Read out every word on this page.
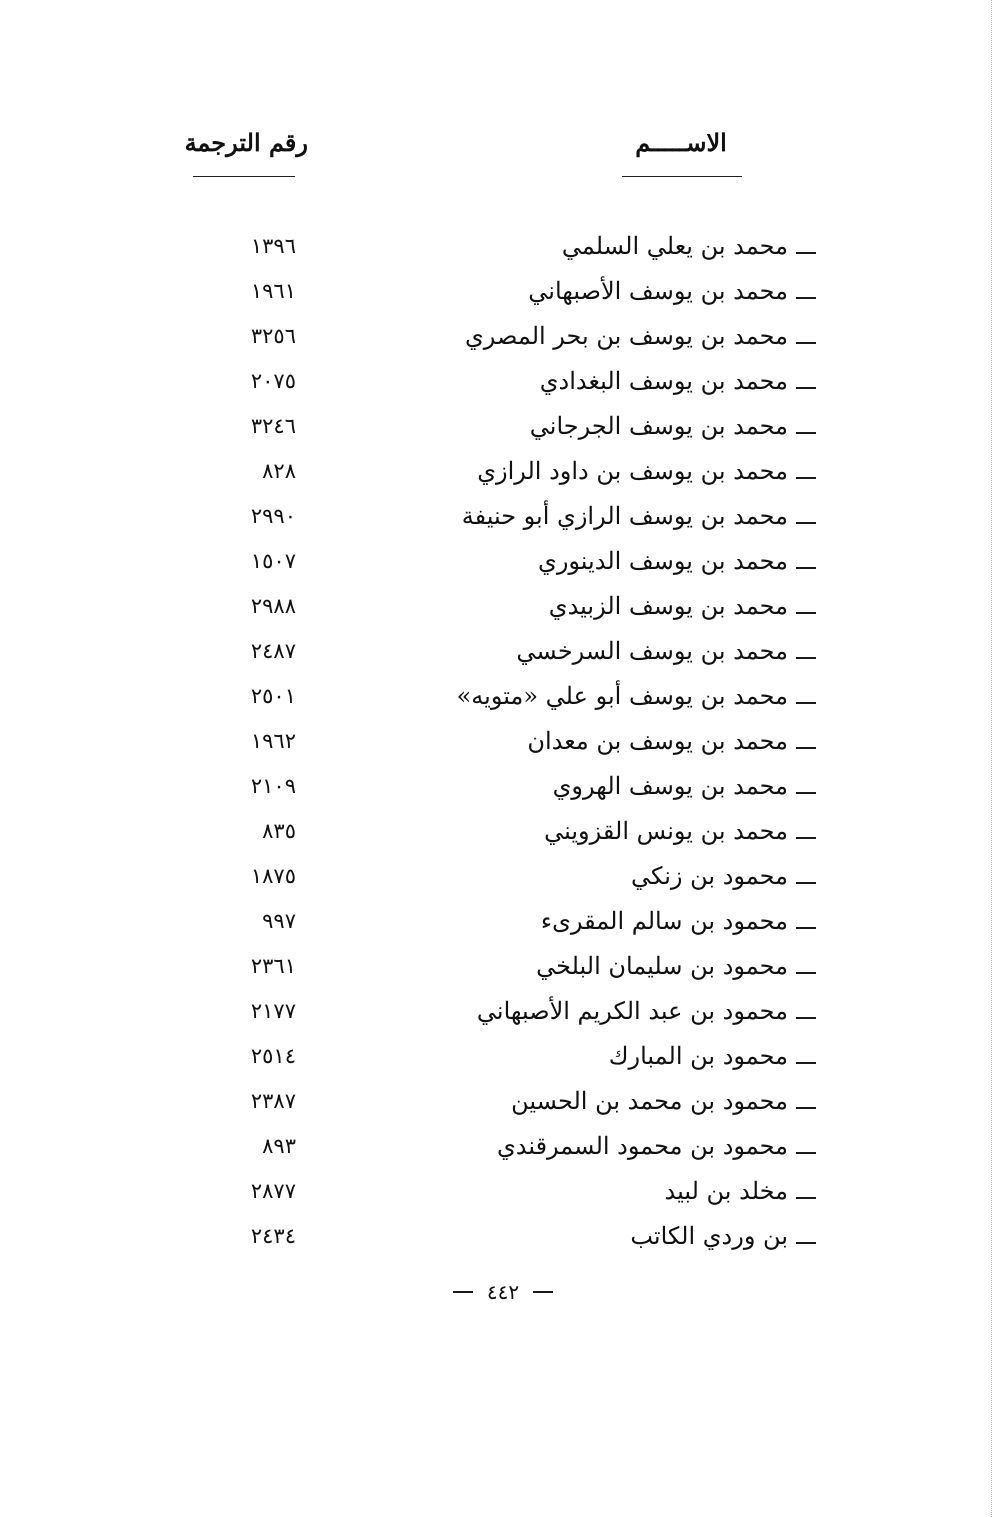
الاســـــم
رقم الترجمة
محمد بن يعلي السلمي
١٣٩٦
محمد بن يوسف الأصبهاني
١٩٦١
محمد بن يوسف بن بحر المصري
٣٢٥٦
محمد بن يوسف البغدادي
٢٠٧٥
محمد بن يوسف الجرجاني
٣٢٤٦
محمد بن يوسف بن داود الرازي
٨٢٨
محمد بن يوسف الرازي أبو حنيفة
٢٩٩٠
محمد بن يوسف الدينوري
١٥٠٧
محمد بن يوسف الزبيدي
٢٩٨٨
محمد بن يوسف السرخسي
٢٤٨٧
محمد بن يوسف أبو علي «متويه»
٢٥٠١
محمد بن يوسف بن معدان
١٩٦٢
محمد بن يوسف الهروي
٢١٠٩
محمد بن يونس القزويني
٨٣٥
محمود بن زنكي
١٨٧٥
محمود بن سالم المقرىء
٩٩٧
محمود بن سليمان البلخي
٢٣٦١
محمود بن عبد الكريم الأصبهاني
٢١٧٧
محمود بن المبارك
٢٥١٤
محمود بن محمد بن الحسين
٢٣٨٧
محمود بن محمود السمرقندي
٨٩٣
مخلد بن لبيد
٢٨٧٧
بن وردي الكاتب
٢٤٣٤
٤٤٢
